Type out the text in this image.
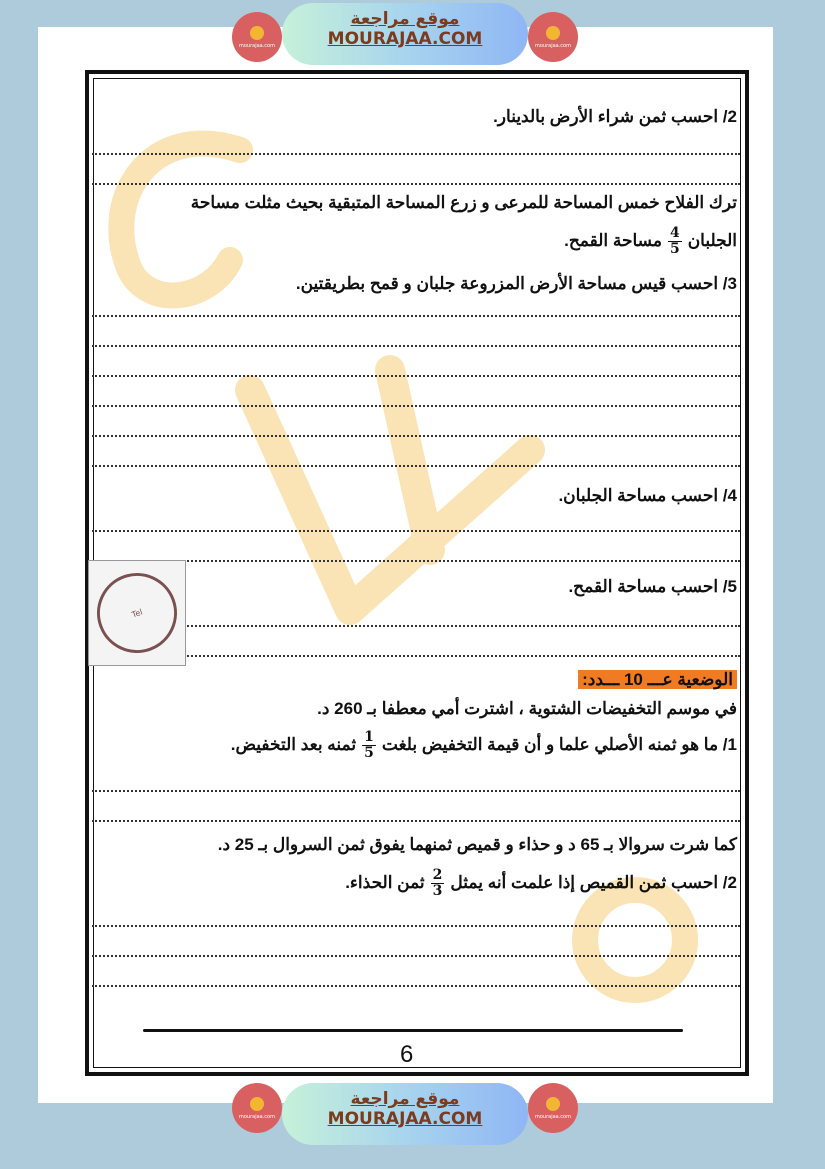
mourajaa.com
موقع مراجعة
MOURAJAA.COM	mourajaa.com
2/ احسب ثمن شراء الأرض بالدينار.
ترك الفلاح خمس المساحة للمرعى و زرع المساحة المتبقية بحيث مثلت مساحة
الجلبان
$\frac{4}{5}$
مساحة القمح.
3/ احسب قيس مساحة الأرض المزروعة جلبان و قمح بطريقتين.
4/ احسب مساحة الجلبان.
5/ احسب مساحة القمح.
Tel
الوضعية عـــ 10 ـــدد:
في موسم التخفيضات الشتوية ، اشترت أمي معطفا بـ 260 د.
1/ ما هو ثمنه الأصلي علما و أن قيمة التخفيض بلغت
$\frac{1}{5}$
ثمنه بعد التخفيض.
كما شرت سروالا بـ 65 د و حذاء و قميص ثمنهما يفوق ثمن السروال بـ 25 د.
2/ احسب ثمن القميص إذا علمت أنه يمثل
$\frac{2}{3}$
ثمن الحذاء.
6
mourajaa.com
موقع مراجعة
MOURAJAA.COM	mourajaa.com
